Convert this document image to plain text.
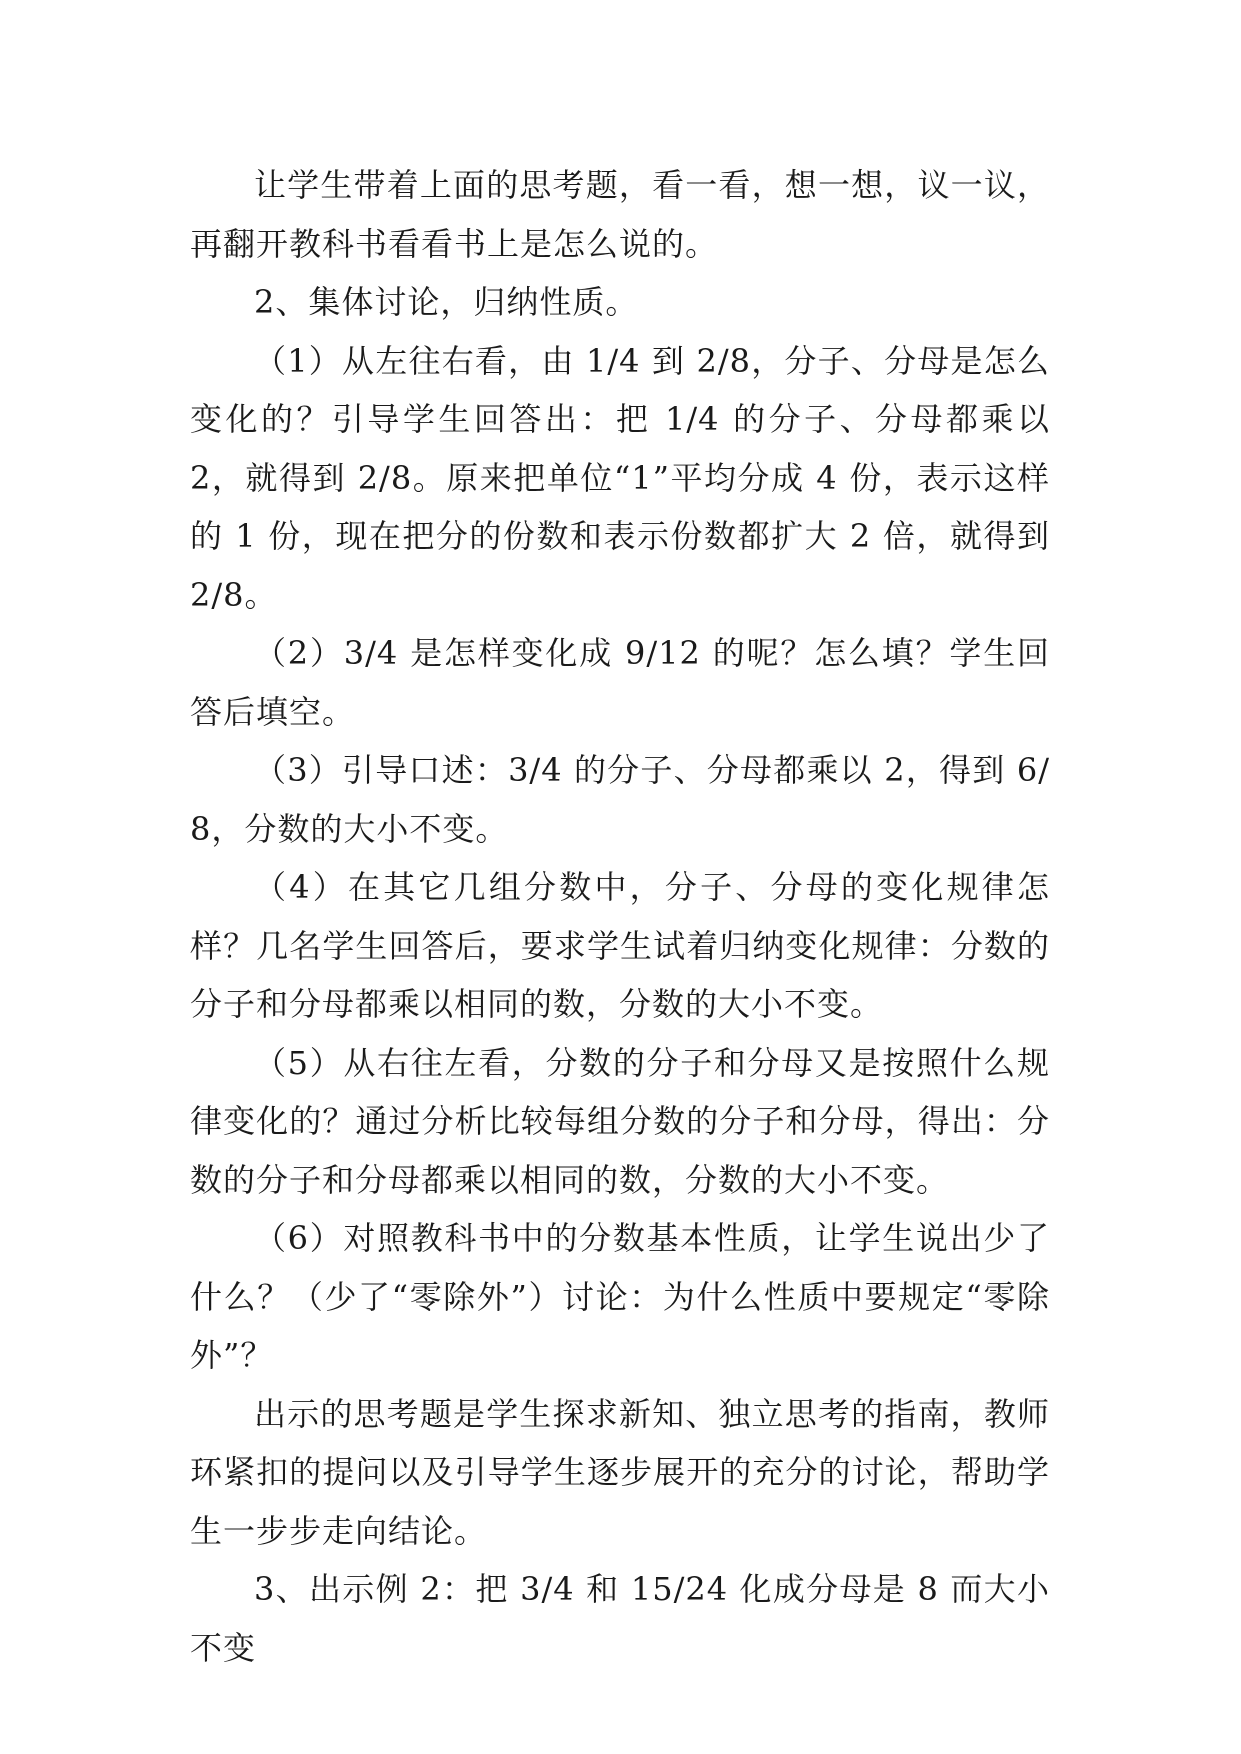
让学生带着上面的思考题，看一看，想一想，议一议，再翻开教科书看看书上是怎么说的。

2、集体讨论，归纳性质。

（1）从左往右看，由 1/4 到 2/8，分子、分母是怎么变化的？引导学生回答出：把 1/4 的分子、分母都乘以 2，就得到 2/8。原来把单位“1”平均分成 4 份，表示这样的 1 份，现在把分的份数和表示份数都扩大 2 倍，就得到 2/8。

（2）3/4 是怎样变化成 9/12 的呢？怎么填？学生回答后填空。

（3）引导口述：3/4 的分子、分母都乘以 2，得到 6/8，分数的大小不变。

（4）在其它几组分数中，分子、分母的变化规律怎样？几名学生回答后，要求学生试着归纳变化规律：分数的分子和分母都乘以相同的数，分数的大小不变。

（5）从右往左看，分数的分子和分母又是按照什么规律变化的？通过分析比较每组分数的分子和分母，得出：分数的分子和分母都乘以相同的数，分数的大小不变。

（6）对照教科书中的分数基本性质，让学生说出少了什么？（少了“零除外”）讨论：为什么性质中要规定“零除外”？

出示的思考题是学生探求新知、独立思考的指南，教师环紧扣的提问以及引导学生逐步展开的充分的讨论，帮助学生一步步走向结论。

3、出示例 2：把 3/4 和 15/24 化成分母是 8 而大小不变
